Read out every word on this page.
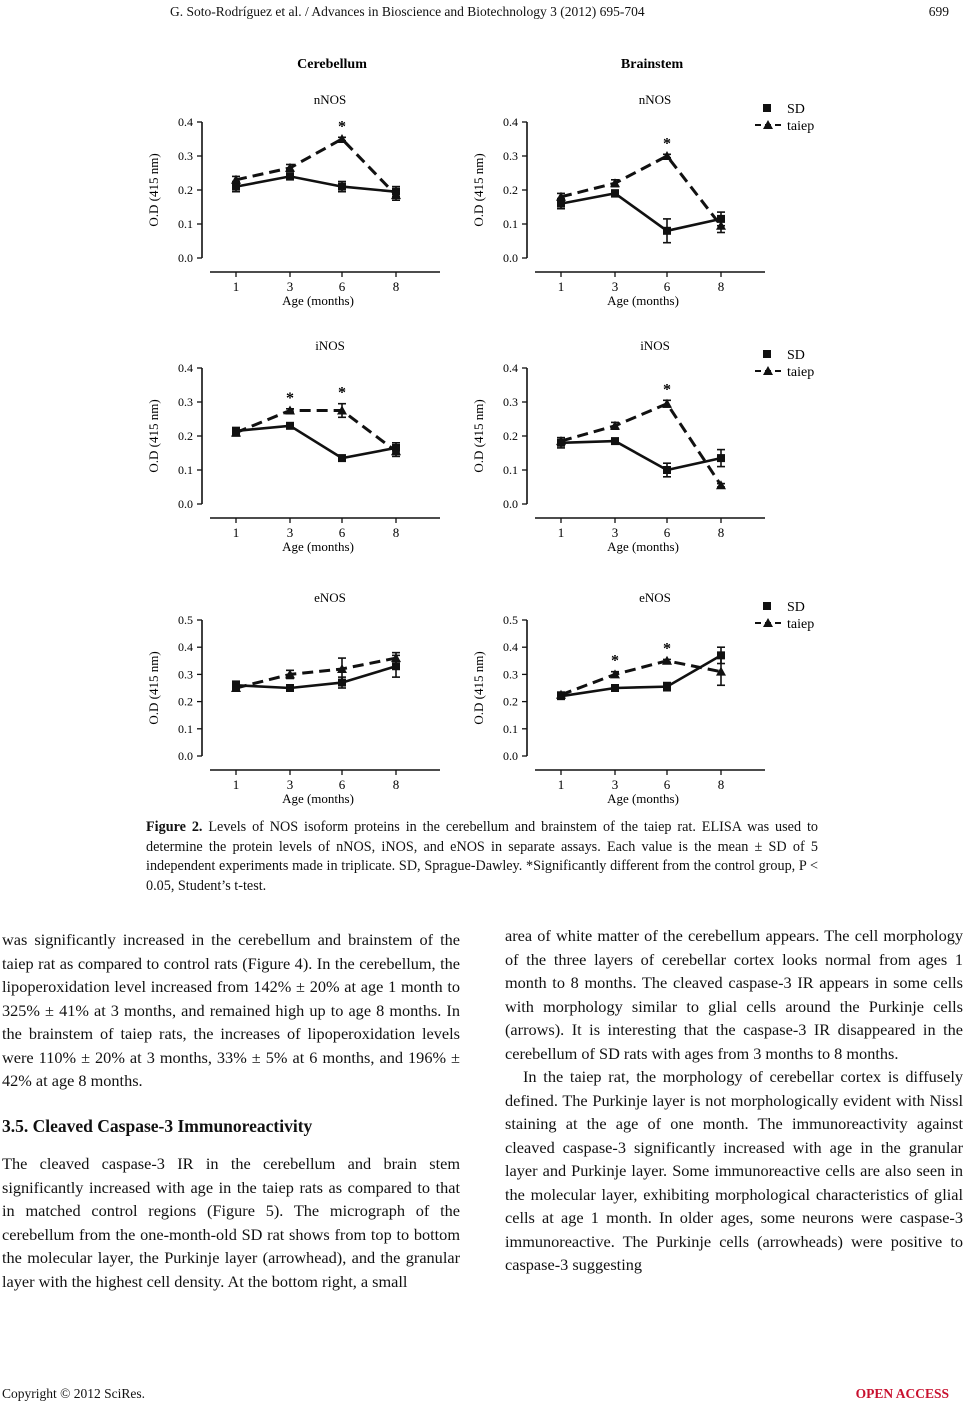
G. Soto-Rodríguez et al. / Advances in Bioscience and Biotechnology 3 (2012) 695-704	699
Cerebellum	Brainstem
nNOS
0.0
0.1
0.2
0.3
0.4
1	3	6	8
Age (months)
O.D (415 nm)
*
nNOS
0.0
0.1
0.2
0.3
0.4
1	3	6	8
Age (months)
O.D (415 nm)
*
SD
taiep
iNOS
0.0
0.1
0.2
0.3
0.4
1	3	6	8
Age (months)
O.D (415 nm)
*	*
iNOS
0.0
0.1
0.2
0.3
0.4
1	3	6	8
Age (months)
O.D (415 nm)
*
SD
taiep
eNOS
0.0
0.1
0.2
0.3
0.4
0.5
1	3	6	8
Age (months)
O.D (415 nm)
eNOS
0.0
0.1
0.2
0.3
0.4
0.5
1	3	6	8
Age (months)
O.D (415 nm)	*
*
SD
taiep
Figure 2. Levels of NOS isoform proteins in the cerebellum and brainstem of the taiep rat. ELISA was used to determine the protein levels of nNOS, iNOS, and eNOS in separate assays. Each value is the mean ± SD of 5 independent experiments made in triplicate. SD, Sprague-Dawley. *Significantly different from the control group, P < 0.05, Student’s t-test.

was significantly increased in the cerebellum and brainstem of the taiep rat as compared to control rats (Figure 4). In the cerebellum, the lipoperoxidation level increased from 142% ± 20% at age 1 month to 325% ± 41% at 3 months, and remained high up to age 8 months. In the brainstem of taiep rats, the increases of lipoperoxidation levels were 110% ± 20% at 3 months, 33% ± 5% at 6 months, and 196% ± 42% at age 8 months.

3.5. Cleaved Caspase-3 Immunoreactivity

The cleaved caspase-3 IR in the cerebellum and brain stem significantly increased with age in the taiep rats as compared to that in matched control regions (Figure 5). The micrograph of the cerebellum from the one-month-old SD rat shows from top to bottom the molecular layer, the Purkinje layer (arrowhead), and the granular layer with the highest cell density. At the bottom right, a small

area of white matter of the cerebellum appears. The cell morphology of the three layers of cerebellar cortex looks normal from ages 1 month to 8 months. The cleaved caspase-3 IR appears in some cells with morphology similar to glial cells around the Purkinje cells (arrows). It is interesting that the caspase-3 IR disappeared in the cerebellum of SD rats with ages from 3 months to 8 months.

In the taiep rat, the morphology of cerebellar cortex is diffusely defined. The Purkinje layer is not morphologically evident with Nissl staining at the age of one month. The immunoreactivity against cleaved caspase-3 significantly increased with age in the granular layer and Purkinje layer. Some immunoreactive cells are also seen in the molecular layer, exhibiting morphological characteristics of glial cells at age 1 month. In older ages, some neurons were caspase-3 immunoreactive. The Purkinje cells (arrowheads) were positive to caspase-3 suggesting

Copyright © 2012 SciRes.	OPEN ACCESS
